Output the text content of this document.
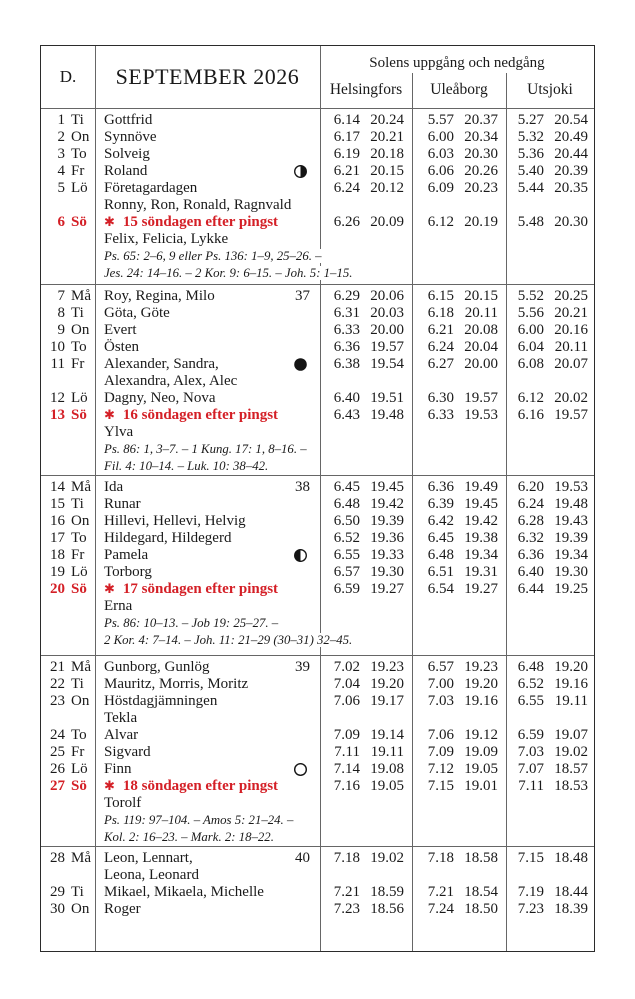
D.	SEPTEMBER 2026
Solens uppgång och nedgång
Helsingfors	Uleåborg	Utsjoki
1 Ti	Gottfrid	6.14 20.24	5.57 20.37	5.27 20.54
2 On Synnöve	6.17 20.21	6.00 20.34	5.32 20.49
3 To	Solveig	6.19 20.18	6.03 20.30	5.36 20.44
4 Fr	Roland	6.21 20.15	6.06 20.26	5.40 20.39
5 Lö	Företagardagen	6.24 20.12	6.09 20.23	5.44 20.35
Ronny, Ron, Ronald, Ragnvald
6 Sö	✱ 15 söndagen efter pingst	6.26 20.09	6.12 20.19	5.48 20.30
Felix, Felicia, Lykke
Ps. 65: 2–6, 9 eller Ps. 136: 1–9, 25–26. –
Jes. 24: 14–16. – 2 Kor. 9: 6–15. – Joh. 5: 1–15.
7 Må Roy, Regina, Milo	37	6.29 20.06	6.15 20.15	5.52 20.25
8 Ti	Göta, Göte	6.31 20.03	6.18 20.11	5.56 20.21
9 On Evert	6.33 20.00	6.21 20.08	6.00 20.16
10 To	Östen	6.36 19.57	6.24 20.04	6.04 20.11
11 Fr	Alexander, Sandra,	6.38 19.54	6.27 20.00	6.08 20.07
Alexandra, Alex, Alec
12 Lö	Dagny, Neo, Nova	6.40 19.51	6.30 19.57	6.12 20.02
13 Sö	✱ 16 söndagen efter pingst	6.43 19.48	6.33 19.53	6.16 19.57
Ylva
Ps. 86: 1, 3–7. – 1 Kung. 17: 1, 8–16. –
Fil. 4: 10–14. – Luk. 10: 38–42.
14 Må Ida	38	6.45 19.45	6.36 19.49	6.20 19.53
15 Ti	Runar	6.48 19.42	6.39 19.45	6.24 19.48
16 On Hillevi, Hellevi, Helvig	6.50 19.39	6.42 19.42	6.28 19.43
17 To	Hildegard, Hildegerd	6.52 19.36	6.45 19.38	6.32 19.39
18 Fr	Pamela	6.55 19.33	6.48 19.34	6.36 19.34
19 Lö	Torborg	6.57 19.30	6.51 19.31	6.40 19.30
20 Sö	✱ 17 söndagen efter pingst	6.59 19.27	6.54 19.27	6.44 19.25
Erna
Ps. 86: 10–13. – Job 19: 25–27. –
2 Kor. 4: 7–14. – Joh. 11: 21–29 (30–31) 32–45.
21 Må Gunborg, Gunlög	39	7.02 19.23	6.57 19.23	6.48 19.20
22 Ti	Mauritz, Morris, Moritz	7.04 19.20	7.00 19.20	6.52 19.16
23 On Höstdagjämningen	7.06 19.17	7.03 19.16	6.55 19.11
Tekla
24 To	Alvar	7.09 19.14	7.06 19.12	6.59 19.07
25 Fr	Sigvard	7.11 19.11	7.09 19.09	7.03 19.02
26 Lö	Finn	7.14 19.08	7.12 19.05	7.07 18.57
27 Sö	✱ 18 söndagen efter pingst	7.16 19.05	7.15 19.01	7.11 18.53
Torolf
Ps. 119: 97–104. – Amos 5: 21–24. –
Kol. 2: 16–23. – Mark. 2: 18–22.
28 Må Leon, Lennart,	40	7.18 19.02	7.18 18.58	7.15 18.48
Leona, Leonard
29 Ti	Mikael, Mikaela, Michelle	7.21 18.59	7.21 18.54	7.19 18.44
30 On Roger	7.23 18.56	7.24 18.50	7.23 18.39
